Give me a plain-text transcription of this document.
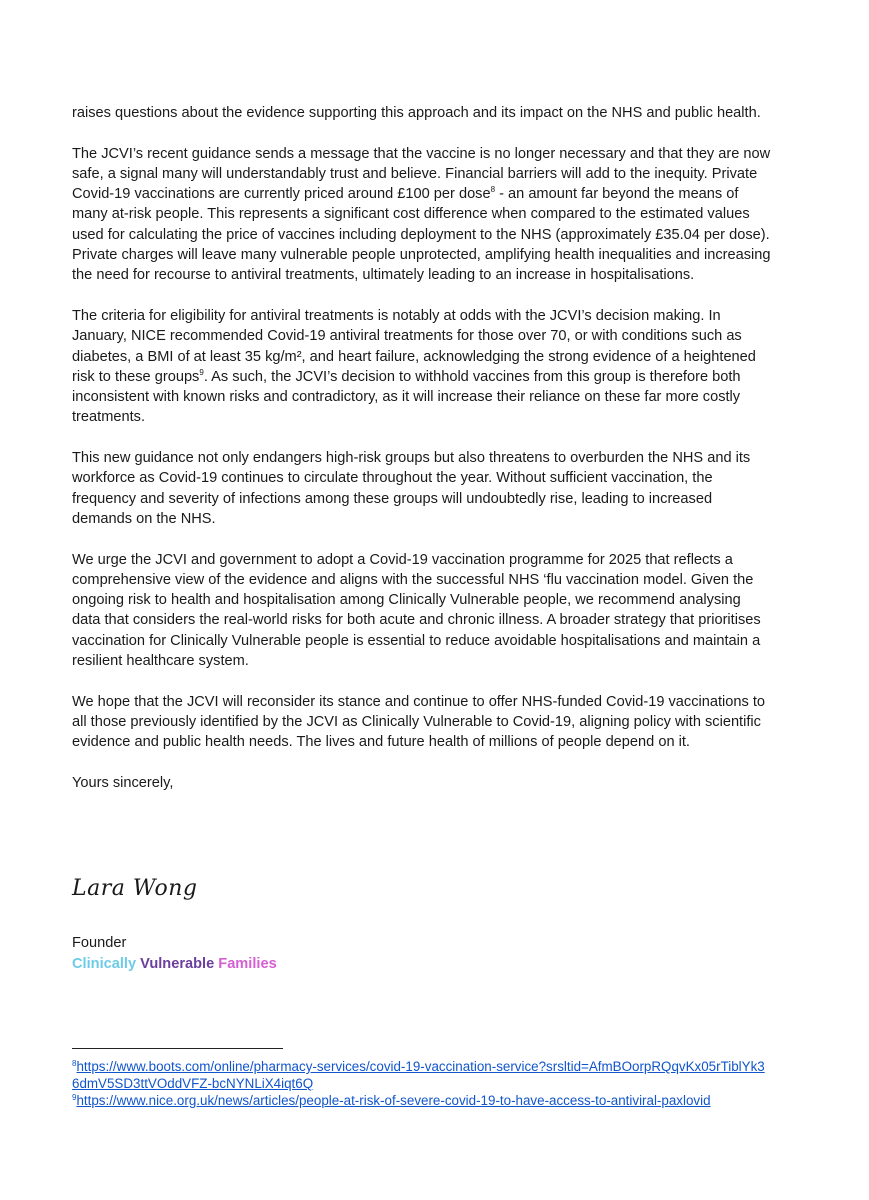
raises questions about the evidence supporting this approach and its impact on the NHS and public health.

The JCVI’s recent guidance sends a message that the vaccine is no longer necessary and that they are now safe, a signal many will understandably trust and believe. Financial barriers will add to the inequity. Private Covid-19 vaccinations are currently priced around £100 per dose$^8$ - an amount far beyond the means of many at-risk people. This represents a significant cost difference when compared to the estimated values used for calculating the price of vaccines including deployment to the NHS (approximately £35.04 per dose). Private charges will leave many vulnerable people unprotected, amplifying health inequalities and increasing the need for recourse to antiviral treatments, ultimately leading to an increase in hospitalisations.

The criteria for eligibility for antiviral treatments is notably at odds with the JCVI’s decision making. In January, NICE recommended Covid-19 antiviral treatments for those over 70, or with conditions such as diabetes, a BMI of at least 35 kg/m², and heart failure, acknowledging the strong evidence of a heightened risk to these groups$^9$. As such, the JCVI’s decision to withhold vaccines from this group is therefore both inconsistent with known risks and contradictory, as it will increase their reliance on these far more costly treatments.

This new guidance not only endangers high-risk groups but also threatens to overburden the NHS and its workforce as Covid-19 continues to circulate throughout the year. Without sufficient vaccination, the frequency and severity of infections among these groups will undoubtedly rise, leading to increased demands on the NHS.

We urge the JCVI and government to adopt a Covid-19 vaccination programme for 2025 that reflects a comprehensive view of the evidence and aligns with the successful NHS ‘flu vaccination model. Given the ongoing risk to health and hospitalisation among Clinically Vulnerable people, we recommend analysing data that considers the real-world risks for both acute and chronic illness. A broader strategy that prioritises vaccination for Clinically Vulnerable people is essential to reduce avoidable hospitalisations and maintain a resilient healthcare system.

We hope that the JCVI will reconsider its stance and continue to offer NHS-funded Covid-19 vaccinations to all those previously identified by the JCVI as Clinically Vulnerable to Covid-19, aligning policy with scientific evidence and public health needs. The lives and future health of millions of people depend on it.

Yours sincerely,

Lara Wong
Founder
Clinically Vulnerable Families

$^8$https://www.boots.com/online/pharmacy-services/covid-19-vaccination-service?srsltid=AfmBOorpRQqvKx05rTiblYk36dmV5SD3ttVOddVFZ-bcNYNLiX4iqt6Q

$^9$https://www.nice.org.uk/news/articles/people-at-risk-of-severe-covid-19-to-have-access-to-antiviral-paxlovid
